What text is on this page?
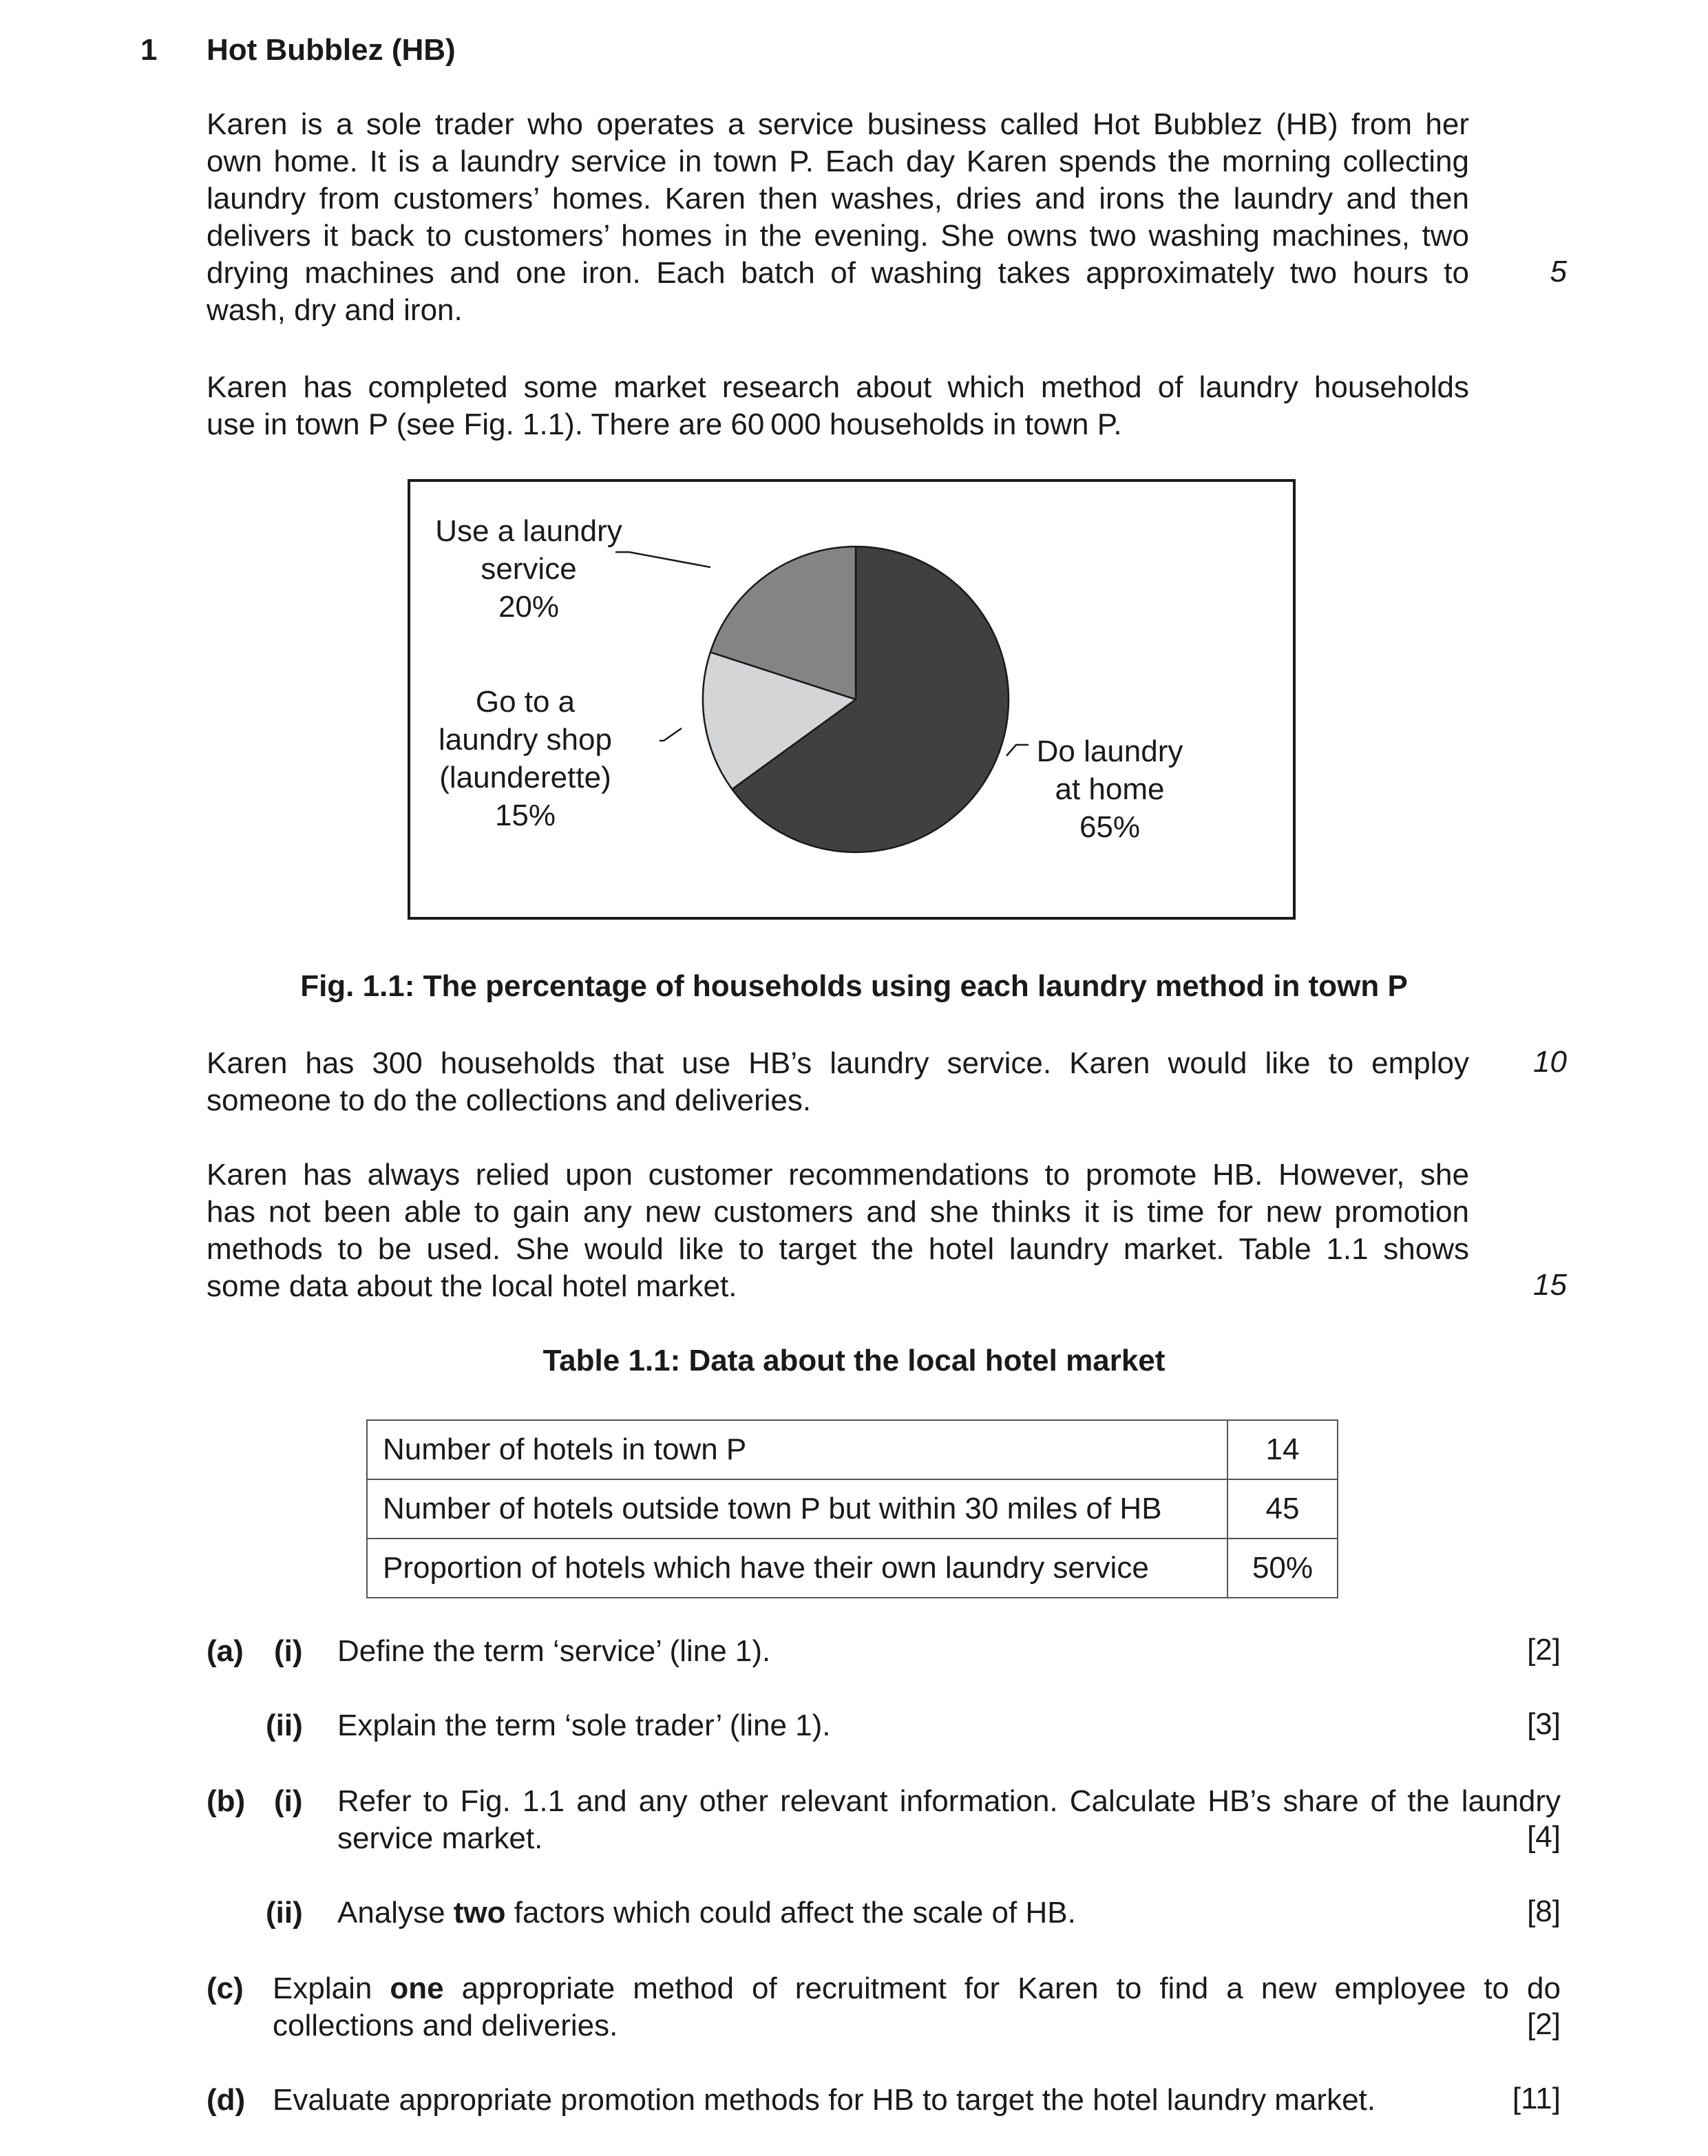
1 Hot Bubblez (HB)
Karen is a sole trader who operates a service business called Hot Bubblez (HB) from her
own home. It is a laundry service in town P. Each day Karen spends the morning collecting
laundry from customers’ homes. Karen then washes, dries and irons the laundry and then
delivers it back to customers’ homes in the evening. She owns two washing machines, two
drying machines and one iron. Each batch of washing takes approximately two hours to
wash, dry and iron.
5
Karen has completed some market research about which method of laundry households
use in town P (see Fig. 1.1). There are 60 000 households in town P.
Use a laundry
service
20%
Go to a
laundry shop
(launderette)
15%
Do laundry
at home
65%
Fig. 1.1: The percentage of households using each laundry method in town P
Karen has 300 households that use HB’s laundry service. Karen would like to employ
someone to do the collections and deliveries.
10
Karen has always relied upon customer recommendations to promote HB. However, she
has not been able to gain any new customers and she thinks it is time for new promotion
methods to be used. She would like to target the hotel laundry market. Table 1.1 shows
some data about the local hotel market.	15
Table 1.1: Data about the local hotel market
Number of hotels in town P	14
Number of hotels outside town P but within 30 miles of HB	45
Proportion of hotels which have their own laundry service	50%
(a) (i) Define the term ‘service’ (line 1).	[2]
(ii) Explain the term ‘sole trader’ (line 1).	[3]
(b) (i) Refer to Fig. 1.1 and any other relevant information. Calculate HB’s share of the laundry
service market.	[4]
(ii) Analyse two factors which could affect the scale of HB.	[8]
(c) Explain one appropriate method of recruitment for Karen to find a new employee to do
collections and deliveries.	[2]
(d) Evaluate appropriate promotion methods for HB to target the hotel laundry market.	[11]
